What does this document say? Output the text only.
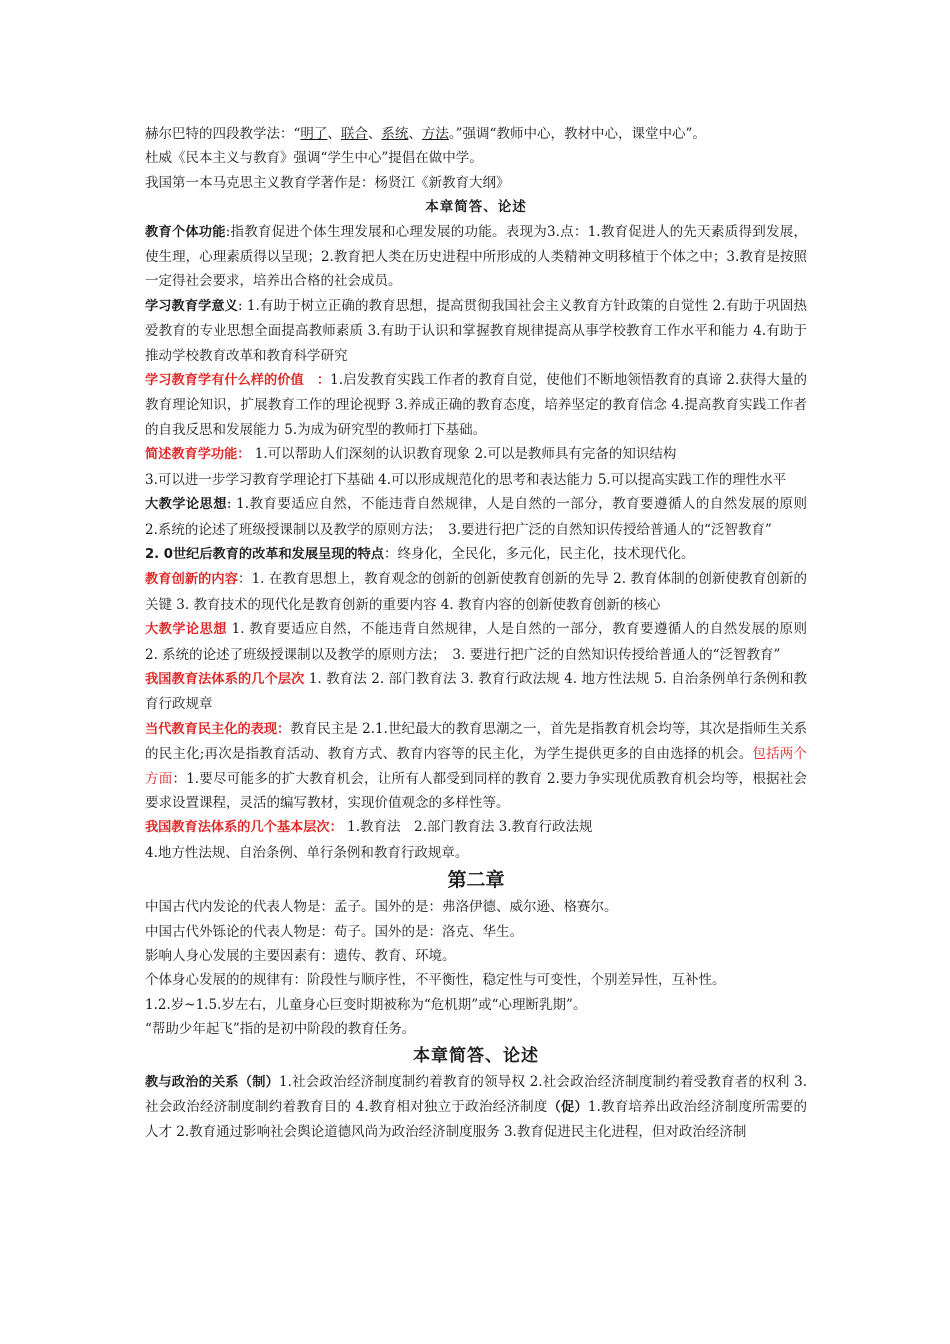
赫尔巴特的四段教学法：“明了、联合、系统、方法。”强调“教师中心，教材中心，课堂中心”。

杜威《民本主义与教育》强调“学生中心”提倡在做中学。

我国第一本马克思主义教育学著作是：杨贤江《新教育大纲》

本章简答、论述

教育个体功能:指教育促进个体生理发展和心理发展的功能。表现为3.点：1.教育促进人的先天素质得到发展，使生理，心理素质得以呈现；2.教育把人类在历史进程中所形成的人类精神文明移植于个体之中；3.教育是按照一定得社会要求，培养出合格的社会成员。

学习教育学意义: 1.有助于树立正确的教育思想，提高贯彻我国社会主义教育方针政策的自觉性 2.有助于巩固热爱教育的专业思想全面提高教师素质 3.有助于认识和掌握教育规律提高从事学校教育工作水平和能力 4.有助于推动学校教育改革和教育科学研究

学习教育学有什么样的价值　：1.启发教育实践工作者的教育自觉，使他们不断地领悟教育的真谛 2.获得大量的教育理论知识，扩展教育工作的理论视野 3.养成正确的教育态度，培养坚定的教育信念 4.提高教育实践工作者的自我反思和发展能力 5.为成为研究型的教师打下基础。

简述教育学功能： 1.可以帮助人们深刻的认识教育现象 2.可以是教师具有完备的知识结构

3.可以进一步学习教育学理论打下基础 4.可以形成规范化的思考和表达能力 5.可以提高实践工作的理性水平

大教学论思想: 1.教育要适应自然，不能违背自然规律，人是自然的一部分，教育要遵循人的自然发展的原则　2.系统的论述了班级授课制以及教学的原则方法；　3.要进行把广泛的自然知识传授给普通人的“泛智教育”

2. 0世纪后教育的改革和发展呈现的特点：终身化，全民化，多元化，民主化，技术现代化。

教育创新的内容：1. 在教育思想上，教育观念的创新的创新使教育创新的先导 2. 教育体制的创新使教育创新的关键 3. 教育技术的现代化是教育创新的重要内容 4. 教育内容的创新使教育创新的核心

大教学论思想 1. 教育要适应自然，不能违背自然规律，人是自然的一部分，教育要遵循人的自然发展的原则　2. 系统的论述了班级授课制以及教学的原则方法；　3. 要进行把广泛的自然知识传授给普通人的“泛智教育”

我国教育法体系的几个层次 1. 教育法 2. 部门教育法 3. 教育行政法规 4. 地方性法规 5. 自治条例单行条例和教育行政规章

当代教育民主化的表现：教育民主是 2.1.世纪最大的教育思潮之一，首先是指教育机会均等，其次是指师生关系的民主化;再次是指教育活动、教育方式、教育内容等的民主化，为学生提供更多的自由选择的机会。包括两个方面：1.要尽可能多的扩大教育机会，让所有人都受到同样的教育 2.要力争实现优质教育机会均等，根据社会要求设置课程，灵活的编写教材，实现价值观念的多样性等。

我国教育法体系的几个基本层次： 1.教育法　2.部门教育法 3.教育行政法规

4.地方性法规、自治条例、单行条例和教育行政规章。

第二章

中国古代内发论的代表人物是：孟子。国外的是：弗洛伊德、威尔逊、格赛尔。

中国古代外铄论的代表人物是：荀子。国外的是：洛克、华生。

影响人身心发展的主要因素有：遗传、教育、环境。

个体身心发展的的规律有：阶段性与顺序性，不平衡性，稳定性与可变性，个别差异性，互补性。

1.2.岁~1.5.岁左右，儿童身心巨变时期被称为“危机期”或“心理断乳期”。

“帮助少年起飞”指的是初中阶段的教育任务。

本章简答、论述

教与政治的关系（制）1.社会政治经济制度制约着教育的领导权 2.社会政治经济制度制约着受教育者的权利 3.社会政治经济制度制约着教育目的 4.教育相对独立于政治经济制度（促）1.教育培养出政治经济制度所需要的人才 2.教育通过影响社会舆论道德风尚为政治经济制度服务 3.教育促进民主化进程，但对政治经济制
